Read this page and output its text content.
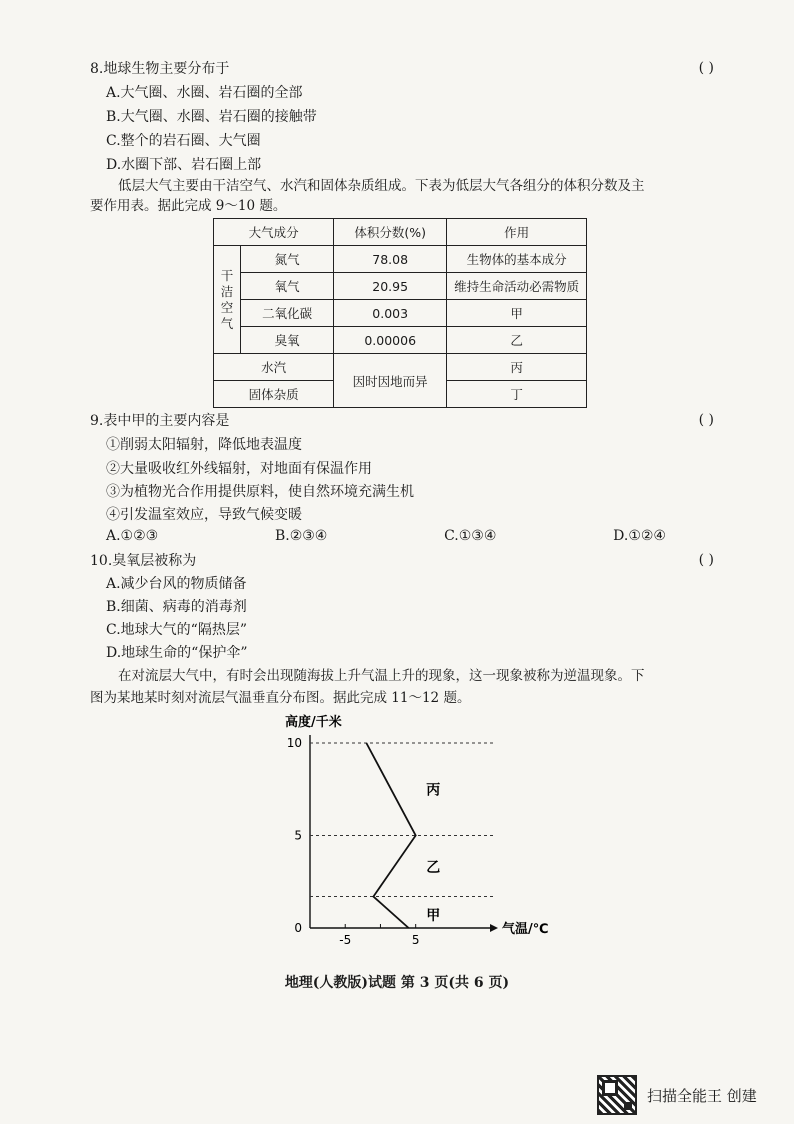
8.地球生物主要分布于	( )
A.大气圈、水圈、岩石圈的全部
B.大气圈、水圈、岩石圈的接触带
C.整个的岩石圈、大气圈
D.水圈下部、岩石圈上部
低层大气主要由干洁空气、水汽和固体杂质组成。下表为低层大气各组分的体积分数及主
要作用表。据此完成 9～10 题。
大气成分		体积分数(%)	作用

干
洁
空
气	氮气	78.08	生物体的基本成分
	氧气	20.95	维持生命活动必需物质
	二氧化碳	0.003	甲
	臭氧	0.00006	乙
水汽		因时因地而异	丙
固体杂质			丁
9.表中甲的主要内容是	( )
①削弱太阳辐射，降低地表温度
②大量吸收红外线辐射，对地面有保温作用
③为植物光合作用提供原料，使自然环境充满生机
④引发温室效应，导致气候变暖
A.①②③	B.②③④	C.①③④	D.①②④
10.臭氧层被称为	( )
A.减少台风的物质储备
B.细菌、病毒的消毒剂
C.地球大气的“隔热层”
D.地球生命的“保护伞”
在对流层大气中，有时会出现随海拔上升气温上升的现象，这一现象被称为逆温现象。下
图为某地某时刻对流层气温垂直分布图。据此完成 11～12 题。
高度/千米
气温/℃
0
5
10
-5	5
丙
乙
甲
地理(人教版)试题 第 3 页(共 6 页)
扫描全能王 创建
